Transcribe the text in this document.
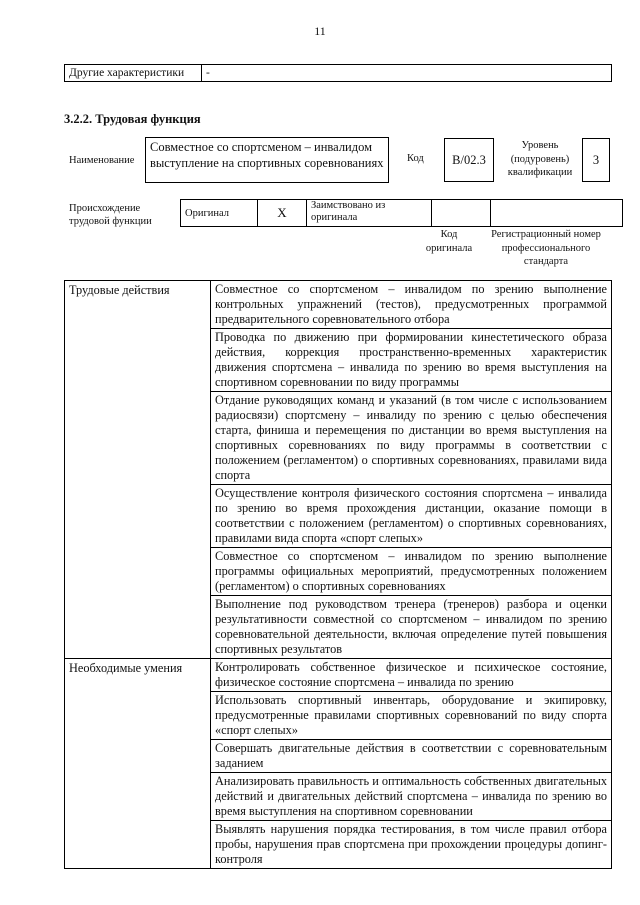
11
Другие характеристики	-
3.2.2. Трудовая функция
Наименование
Совместное со спортсменом – инвалидом выступление на спортивных соревнованиях	Код	B/02.3
Уровень (подуровень) квалификации
3
Происхождение трудовой функции
Оригинал	X	Заимствовано из оригинала		
Код оригинала
Регистрационный номер профессионального стандарта
Трудовые действия	Совместное со спортсменом – инвалидом по зрению выполнение контрольных упражнений (тестов), предусмотренных программой предварительного соревновательного отбора
	Проводка по движению при формировании кинестетического образа действия, коррекция пространственно-временных характеристик движения спортсмена – инвалида по зрению во время выступления на спортивном соревновании по виду программы
	Отдание руководящих команд и указаний (в том числе с использованием радиосвязи) спортсмену – инвалиду по зрению с целью обеспечения старта, финиша и перемещения по дистанции во время выступления на спортивных соревнованиях по виду программы в соответствии с положением (регламентом) о спортивных соревнованиях, правилами вида спорта
	Осуществление контроля физического состояния спортсмена – инвалида по зрению во время прохождения дистанции, оказание помощи в соответствии с положением (регламентом) о спортивных соревнованиях, правилами вида спорта «спорт слепых»
	Совместное со спортсменом – инвалидом по зрению выполнение программы официальных мероприятий, предусмотренных положением (регламентом) о спортивных соревнованиях
	Выполнение под руководством тренера (тренеров) разбора и оценки результативности совместной со спортсменом – инвалидом по зрению соревновательной деятельности, включая определение путей повышения спортивных результатов
Необходимые умения	Контролировать собственное физическое и психическое состояние, физическое состояние спортсмена – инвалида по зрению
	Использовать спортивный инвентарь, оборудование и экипировку, предусмотренные правилами спортивных соревнований по виду спорта «спорт слепых»
	Совершать двигательные действия в соответствии с соревновательным заданием
	Анализировать правильность и оптимальность собственных двигательных действий и двигательных действий спортсмена – инвалида по зрению во время выступления на спортивном соревновании
	Выявлять нарушения порядка тестирования, в том числе правил отбора пробы, нарушения прав спортсмена при прохождении процедуры допинг-контроля
